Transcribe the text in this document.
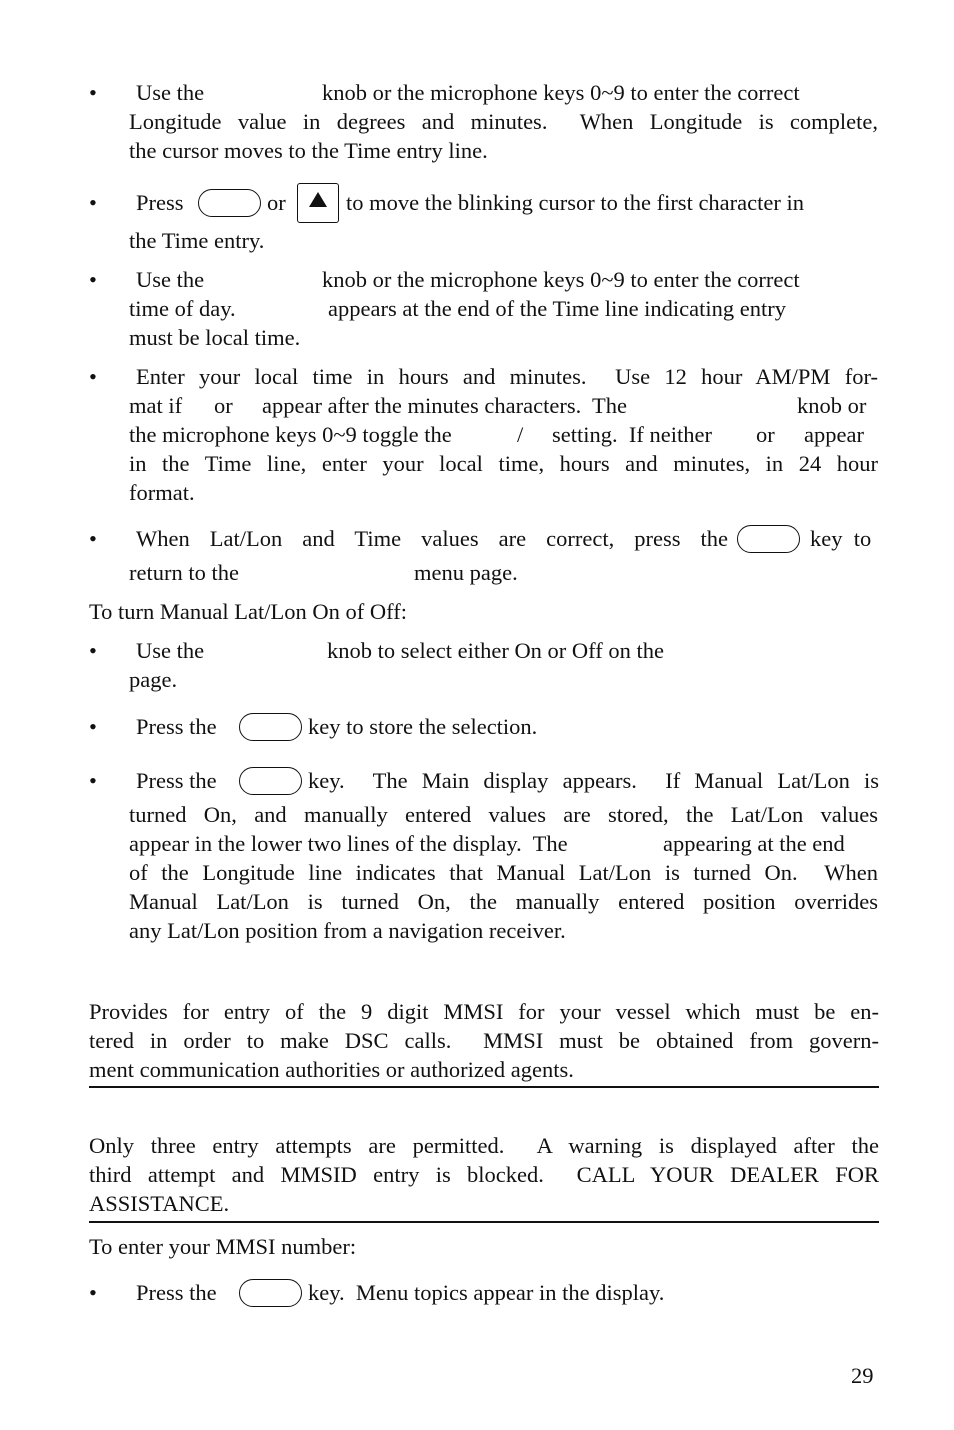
• Use the	knob or the microphone keys 0~9 to enter the correct
Longitude value in degrees and minutes.  When Longitude is complete,
the cursor moves to the Time entry line.
• Press	or	to move the blinking cursor to the first character in
the Time entry.
• Use the	knob or the microphone keys 0~9 to enter the correct
time of day.	appears at the end of the Time line indicating entry
must be local time.
• Enter your local time in hours and minutes.  Use 12 hour AM/PM for-
mat if or appear after the minutes characters.  The	knob or
the microphone keys 0~9 toggle the	/ setting.  If neither or appear
in the Time line, enter your local time, hours and minutes, in 24 hour
format.
• When Lat/Lon and Time values are correct, press the	key  to
return to the	menu page.
To turn Manual Lat/Lon On of Off:
• Use the	knob to select either On or Off on the
page.
• Press the	key to store the selection.
• Press the	key.  The Main display appears.  If Manual Lat/Lon is
turned On, and manually entered values are stored, the Lat/Lon values
appear in the lower two lines of the display.  The	appearing at the end
of the Longitude line indicates that Manual Lat/Lon is turned On.  When
Manual Lat/Lon is turned On, the manually entered position overrides
any Lat/Lon position from a navigation receiver.
Provides for entry of the 9 digit MMSI for your vessel which must be en-
tered in order to make DSC calls.  MMSI must be obtained from govern-
ment communication authorities or authorized agents.
Only three entry attempts are permitted.  A warning is displayed after the
third attempt and MMSID entry is blocked.  CALL YOUR DEALER FOR
ASSISTANCE.
To enter your MMSI number:
• Press the	key.  Menu topics appear in the display.
29
